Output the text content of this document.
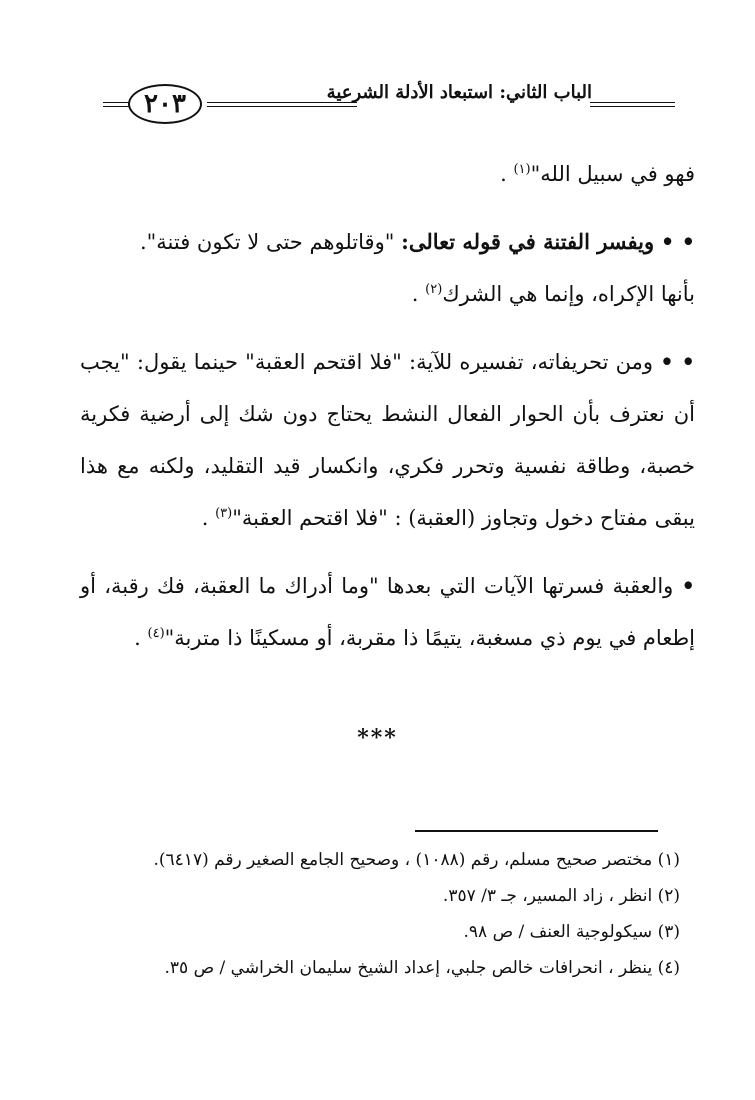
٢٠٣	الباب الثاني: استبعاد الأدلة الشرعية

فهو في سبيل الله"$^{(١)}$ .

• • ويفسر الفتنة في قوله تعالى: "وقاتلوهم حتى لا تكون فتنة".
بأنها الإكراه، وإنما هي الشرك$^{(٢)}$ .

• • ومن تحريفاته، تفسيره للآية: "فلا اقتحم العقبة" حينما يقول: "يجب أن نعترف بأن الحوار الفعال النشط يحتاج دون شك إلى أرضية فكرية خصبة، وطاقة نفسية وتحرر فكري، وانكسار قيد التقليد، ولكنه مع هذا يبقى مفتاح دخول وتجاوز (العقبة) : "فلا اقتحم العقبة"$^{(٣)}$ .

• والعقبة فسرتها الآيات التي بعدها "وما أدراك ما العقبة، فك رقبة، أو إطعام في يوم ذي مسغبة، يتيمًا ذا مقربة، أو مسكينًا ذا متربة"$^{(٤)}$ .

***

(١) مختصر صحيح مسلم، رقم (١٠٨٨) ، وصحيح الجامع الصغير رقم (٦٤١٧).

(٢) انظر ، زاد المسير، جـ ٣/ ٣٥٧.

(٣) سيكولوجية العنف / ص ٩٨.

(٤) ينظر ، انحرافات خالص جلبي، إعداد الشيخ سليمان الخراشي / ص ٣٥.
